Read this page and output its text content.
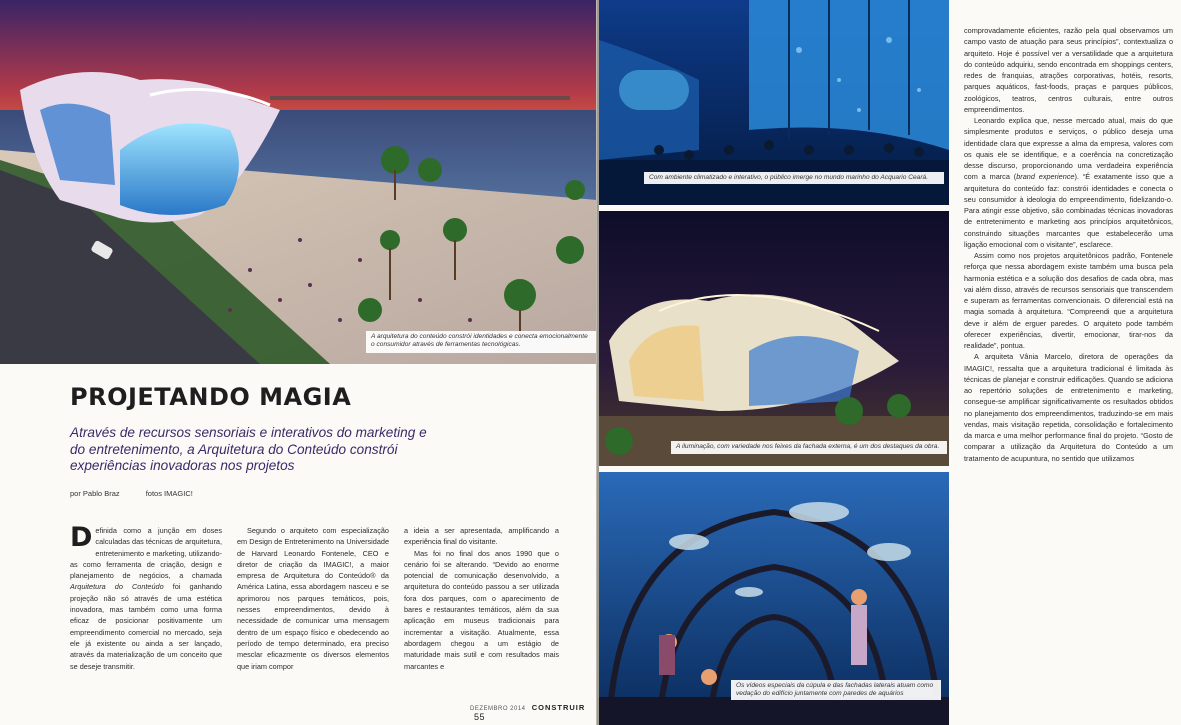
A arquitetura do conteúdo constrói identidades e conecta emocionalmente o consumidor através de ferramentas tecnológicas.
PROJETANDO MAGIA

Através de recursos sensoriais e interativos do marketing e do entretenimento, a Arquitetura do Conteúdo constrói experiências inovadoras nos projetos

por Pablo Braz	fotos IMAGIC!
D efinida como a junção em doses calculadas das técnicas de arquitetura, entretenimento e marketing, utilizando-as como ferramenta de criação, design e planejamento de negócios, a chamada Arquitetura do Conteúdo foi ganhando projeção não só através de uma estética inovadora, mas também como uma forma eficaz de posicionar positivamente um empreendimento comercial no mercado, seja ele já existente ou ainda a ser lançado, através da materialização de um conceito que se deseje transmitir.

Segundo o arquiteto com especialização em Design de Entretenimento na Universidade de Harvard Leonardo Fontenele, CEO e diretor de criação da IMAGIC!, a maior empresa de Arquitetura do Conteúdo® da América Latina, essa abordagem nasceu e se aprimorou nos parques temáticos, pois, nesses empreendimentos, devido à necessidade de comunicar uma mensagem dentro de um espaço físico e obedecendo ao período de tempo determinado, era preciso mesclar eficazmente os diversos elementos que iriam compor

a ideia a ser apresentada, amplificando a experiência final do visitante.

Mas foi no final dos anos 1990 que o cenário foi se alterando. “Devido ao enorme potencial de comunicação desenvolvido, a arquitetura do conteúdo passou a ser utilizada fora dos parques, com o aparecimento de bares e restaurantes temáticos, além da sua aplicação em museus tradicionais para incrementar a visitação. Atualmente, essa abordagem chegou a um estágio de maturidade mais sutil e com resultados mais marcantes e

DEZEMBRO 2014 CONSTRUIR 55
Com ambiente climatizado e interativo, o público imerge no mundo marinho do Acquario Ceará.
A iluminação, com variedade nos feixes da fachada externa, é um dos destaques da obra.
Os vídeos especiais da cúpula e das fachadas laterais atuam como vedação do edifício juntamente com paredes de aquários

comprovadamente eficientes, razão pela qual observamos um campo vasto de atuação para seus princípios”, contextualiza o arquiteto. Hoje é possível ver a versatilidade que a arquitetura do conteúdo adquiriu, sendo encontrada em shoppings centers, redes de franquias, atrações corporativas, hotéis, resorts, parques aquáticos, fast-foods, praças e parques públicos, zoológicos, teatros, centros culturais, entre outros empreendimentos.

Leonardo explica que, nesse mercado atual, mais do que simplesmente produtos e serviços, o público deseja uma identidade clara que expresse a alma da empresa, valores com os quais ele se identifique, e a coerência na concretização desse discurso, proporcionando uma verdadeira experiência com a marca (brand experience). “É exatamente isso que a arquitetura do conteúdo faz: constrói identidades e conecta o seu consumidor à ideologia do empreendimento, fidelizando-o. Para atingir esse objetivo, são combinadas técnicas inovadoras de entretenimento e marketing aos princípios arquitetônicos, construindo situações marcantes que estabelecerão uma ligação emocional com o visitante”, esclarece.

Assim como nos projetos arquitetônicos padrão, Fontenele reforça que nessa abordagem existe também uma busca pela harmonia estética e a solução dos desafios de cada obra, mas vai além disso, através de recursos sensoriais que transcendem e superam as ferramentas convencionais. O diferencial está na magia somada à arquitetura. “Compreendi que a arquitetura deve ir além de erguer paredes. O arquiteto pode também oferecer experiências, divertir, emocionar, tirar-nos da realidade”, pontua.

A arquiteta Vânia Marcelo, diretora de operações da IMAGIC!, ressalta que a arquitetura tradicional é limitada às técnicas de planejar e construir edificações. Quando se adiciona ao repertório soluções de entretenimento e marketing, consegue-se amplificar significativamente os resultados obtidos no planejamento dos empreendimentos, traduzindo-se em mais vendas, mais visitação repetida, consolidação e fortalecimento da marca e uma melhor performance final do projeto. “Gosto de comparar a utilização da Arquitetura do Conteúdo a um tratamento de acupuntura, no sentido que utilizamos
